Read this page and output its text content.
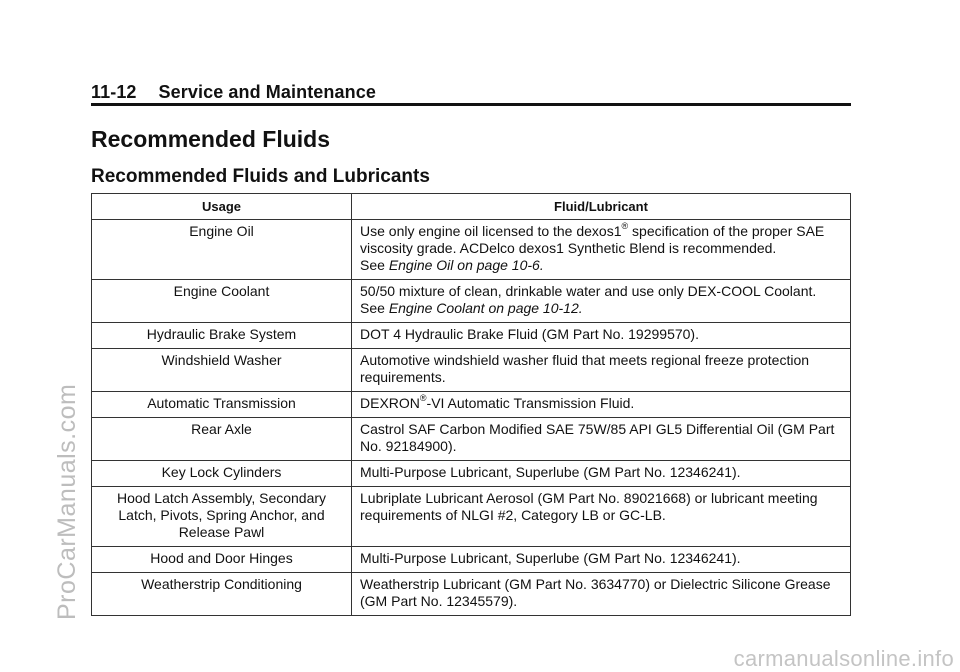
11-12 Service and Maintenance
Recommended Fluids
Recommended Fluids and Lubricants
Usage	Fluid/Lubricant
Engine Oil	Use only engine oil licensed to the dexos1® specification of the proper SAE viscosity grade. ACDelco dexos1 Synthetic Blend is recommended.
See Engine Oil on page 10-6.
Engine Coolant	50/50 mixture of clean, drinkable water and use only DEX-COOL Coolant.
See Engine Coolant on page 10-12.
Hydraulic Brake System	DOT 4 Hydraulic Brake Fluid (GM Part No. 19299570).
Windshield Washer	Automotive windshield washer fluid that meets regional freeze protection requirements.
Automatic Transmission	DEXRON®-VI Automatic Transmission Fluid.
Rear Axle	Castrol SAF Carbon Modified SAE 75W/85 API GL5 Differential Oil (GM Part No. 92184900).
Key Lock Cylinders	Multi-Purpose Lubricant, Superlube (GM Part No. 12346241).
Hood Latch Assembly, Secondary Latch, Pivots, Spring Anchor, and Release Pawl	Lubriplate Lubricant Aerosol (GM Part No. 89021668) or lubricant meeting requirements of NLGI #2, Category LB or GC-LB.
Hood and Door Hinges	Multi-Purpose Lubricant, Superlube (GM Part No. 12346241).
Weatherstrip Conditioning	Weatherstrip Lubricant (GM Part No. 3634770) or Dielectric Silicone Grease (GM Part No. 12345579).
ProCarManuals.com
carmanualsonline.info
